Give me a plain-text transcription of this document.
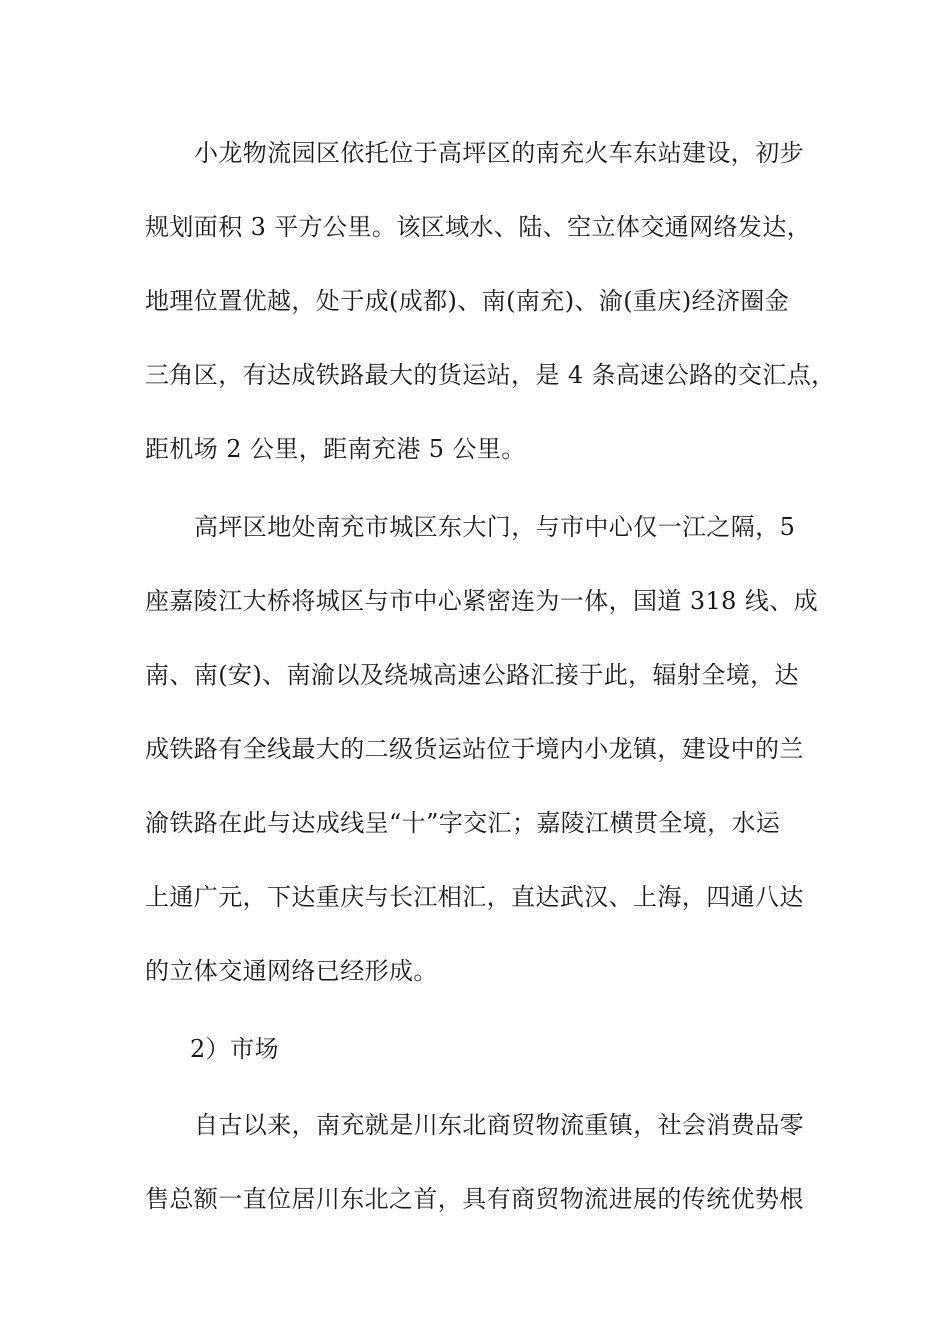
小龙物流园区依托位于高坪区的南充火车东站建设，初步
规划面积 3 平方公里。该区域水、陆、空立体交通网络发达，
地理位置优越，处于成(成都)、南(南充)、渝(重庆)经济圈金
三角区，有达成铁路最大的货运站，是 4 条高速公路的交汇点，
距机场 2 公里，距南充港 5 公里。
高坪区地处南充市城区东大门，与市中心仅一江之隔，5
座嘉陵江大桥将城区与市中心紧密连为一体，国道 318 线、成
南、南(安)、南渝以及绕城高速公路汇接于此，辐射全境，达
成铁路有全线最大的二级货运站位于境内小龙镇，建设中的兰
渝铁路在此与达成线呈“十”字交汇；嘉陵江横贯全境，水运
上通广元，下达重庆与长江相汇，直达武汉、上海，四通八达
的立体交通网络已经形成。
2）市场
自古以来，南充就是川东北商贸物流重镇，社会消费品零
售总额一直位居川东北之首，具有商贸物流进展的传统优势根
